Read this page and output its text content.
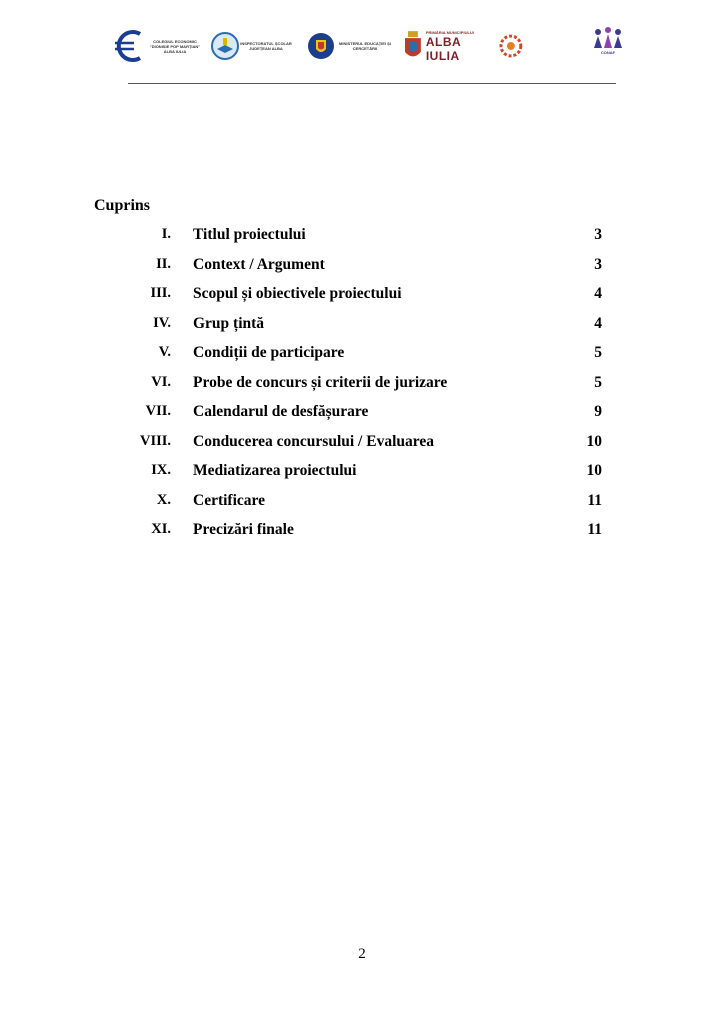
COLEGIUL ECONOMIC "DIONISIE POP MARȚIAN" ALBA IULIA
INSPECTORATUL ȘCOLAR JUDEȚEAN ALBA
MINISTERUL EDUCAȚIEI ȘI CERCETĂRII
PRIMĂRIA MUNICIPIULUI
ALBA IULIA	CONAF
Cuprins
I. Titlul proiectului	3
II. Context / Argument	3
III. Scopul și obiectivele proiectului	4
IV. Grup țintă	4
V. Condiții de participare	5
VI. Probe de concurs și criterii de jurizare	5
VII. Calendarul de desfășurare	9
VIII. Conducerea concursului / Evaluarea	10
IX. Mediatizarea proiectului	10
X. Certificare	11
XI. Precizări finale	11
2
